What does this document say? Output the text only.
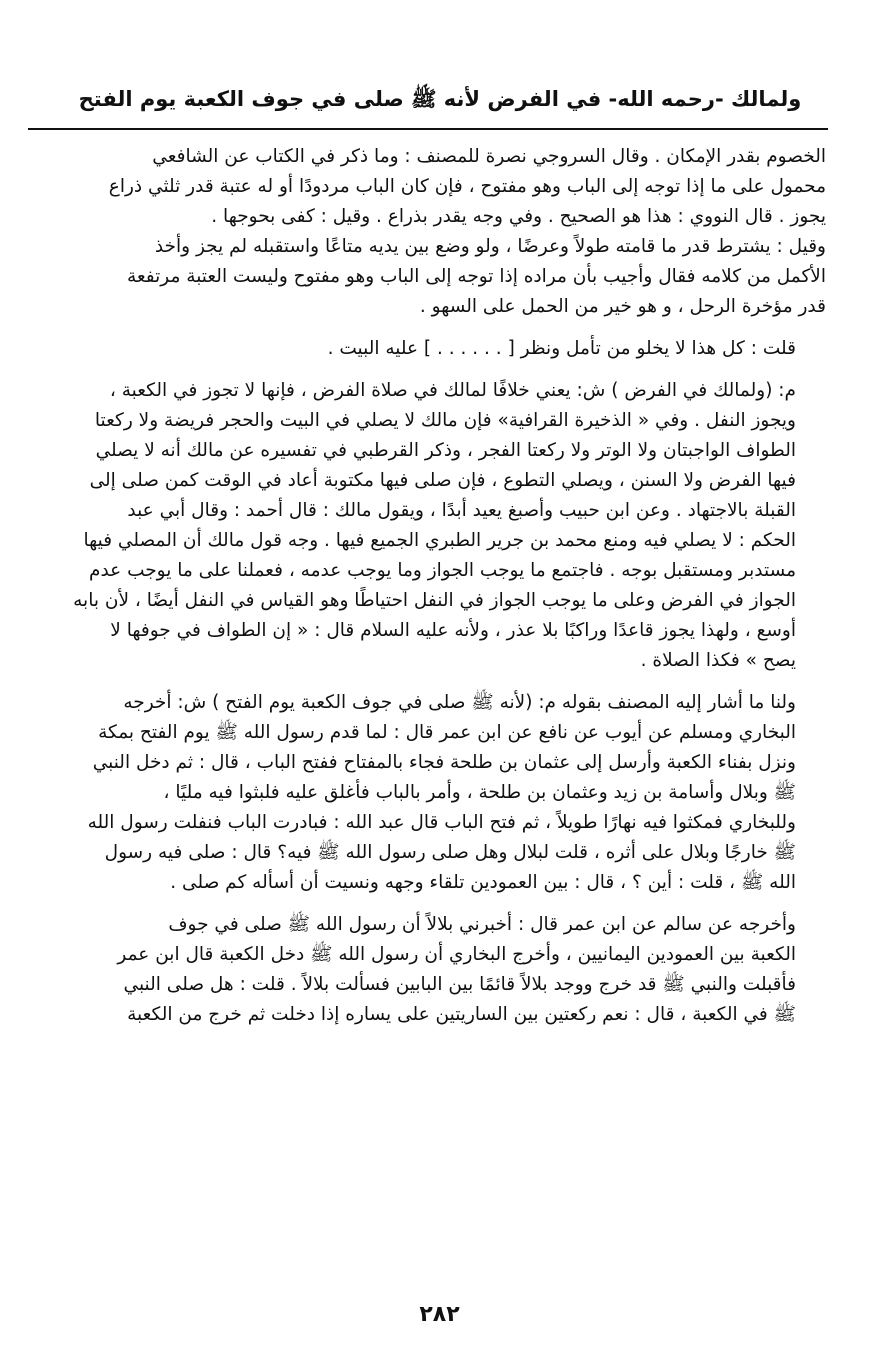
ولمالك -رحمه الله- في الفرض لأنه ﷺ صلى في جوف الكعبة يوم الفتح
الخصوم بقدر الإمكان . وقال السروجي نصرة للمصنف : وما ذكر في الكتاب عن الشافعي
محمول على ما إذا توجه إلى الباب وهو مفتوح ، فإن كان الباب مردودًا أو له عتبة قدر ثلثي ذراع
يجوز . قال النووي : هذا هو الصحيح . وفي وجه يقدر بذراع . وقيل : كفى بحوجها .
وقيل : يشترط قدر ما قامته طولاً وعرضًا ، ولو وضع بين يديه متاعًا واستقبله لم يجز وأخذ
الأكمل من كلامه فقال وأجيب بأن مراده إذا توجه إلى الباب وهو مفتوح وليست العتبة مرتفعة
قدر مؤخرة الرحل ، و هو خير من الحمل على السهو .
قلت : كل هذا لا يخلو من تأمل ونظر [ . . . . . . ] عليه البيت .
م: (ولمالك في الفرض ) ش: يعني خلافًا لمالك في صلاة الفرض ، فإنها لا تجوز في الكعبة ،
ويجوز النفل . وفي « الذخيرة القرافية» فإن مالك لا يصلي في البيت والحجر فريضة ولا ركعتا
الطواف الواجبتان ولا الوتر ولا ركعتا الفجر ، وذكر القرطبي في تفسيره عن مالك أنه لا يصلي
فيها الفرض ولا السنن ، ويصلي التطوع ، فإن صلى فيها مكتوبة أعاد في الوقت كمن صلى إلى
القبلة بالاجتهاد . وعن ابن حبيب وأصبغ يعيد أبدًا ، ويقول مالك : قال أحمد : وقال أبي عبد
الحكم : لا يصلي فيه ومنع محمد بن جرير الطبري الجميع فيها . وجه قول مالك أن المصلي فيها
مستدبر ومستقبل بوجه . فاجتمع ما يوجب الجواز وما يوجب عدمه ، فعملنا على ما يوجب عدم
الجواز في الفرض وعلى ما يوجب الجواز في النفل احتياطًا وهو القياس في النفل أيضًا ، لأن بابه
أوسع ، ولهذا يجوز قاعدًا وراكبًا بلا عذر ، ولأنه عليه السلام قال : « إن الطواف في جوفها لا
يصح » فكذا الصلاة .
ولنا ما أشار إليه المصنف بقوله م: (لأنه ﷺ صلى في جوف الكعبة يوم الفتح ) ش: أخرجه
البخاري ومسلم عن أيوب عن نافع عن ابن عمر قال : لما قدم رسول الله ﷺ يوم الفتح بمكة
ونزل بفناء الكعبة وأرسل إلى عثمان بن طلحة فجاء بالمفتاح ففتح الباب ، قال : ثم دخل النبي
ﷺ وبلال وأسامة بن زيد وعثمان بن طلحة ، وأمر بالباب فأغلق عليه فلبثوا فيه مليًا ،
وللبخاري فمكثوا فيه نهارًا طويلاً ، ثم فتح الباب قال عبد الله : فبادرت الباب فنفلت رسول الله
ﷺ خارجًا وبلال على أثره ، قلت لبلال وهل صلى رسول الله ﷺ فيه؟ قال : صلى فيه رسول
الله ﷺ ، قلت : أين ؟ ، قال : بين العمودين تلقاء وجهه ونسيت أن أسأله كم صلى .
وأخرجه عن سالم عن ابن عمر قال : أخبرني بلالاً أن رسول الله ﷺ صلى في جوف
الكعبة بين العمودين اليمانيين ، وأخرج البخاري أن رسول الله ﷺ دخل الكعبة قال ابن عمر
فأقبلت والنبي ﷺ قد خرج ووجد بلالاً قائمًا بين البابين فسألت بلالاً . قلت : هل صلى النبي
ﷺ في الكعبة ، قال : نعم ركعتين بين الساريتين على يساره إذا دخلت ثم خرج من الكعبة
٢٨٢
